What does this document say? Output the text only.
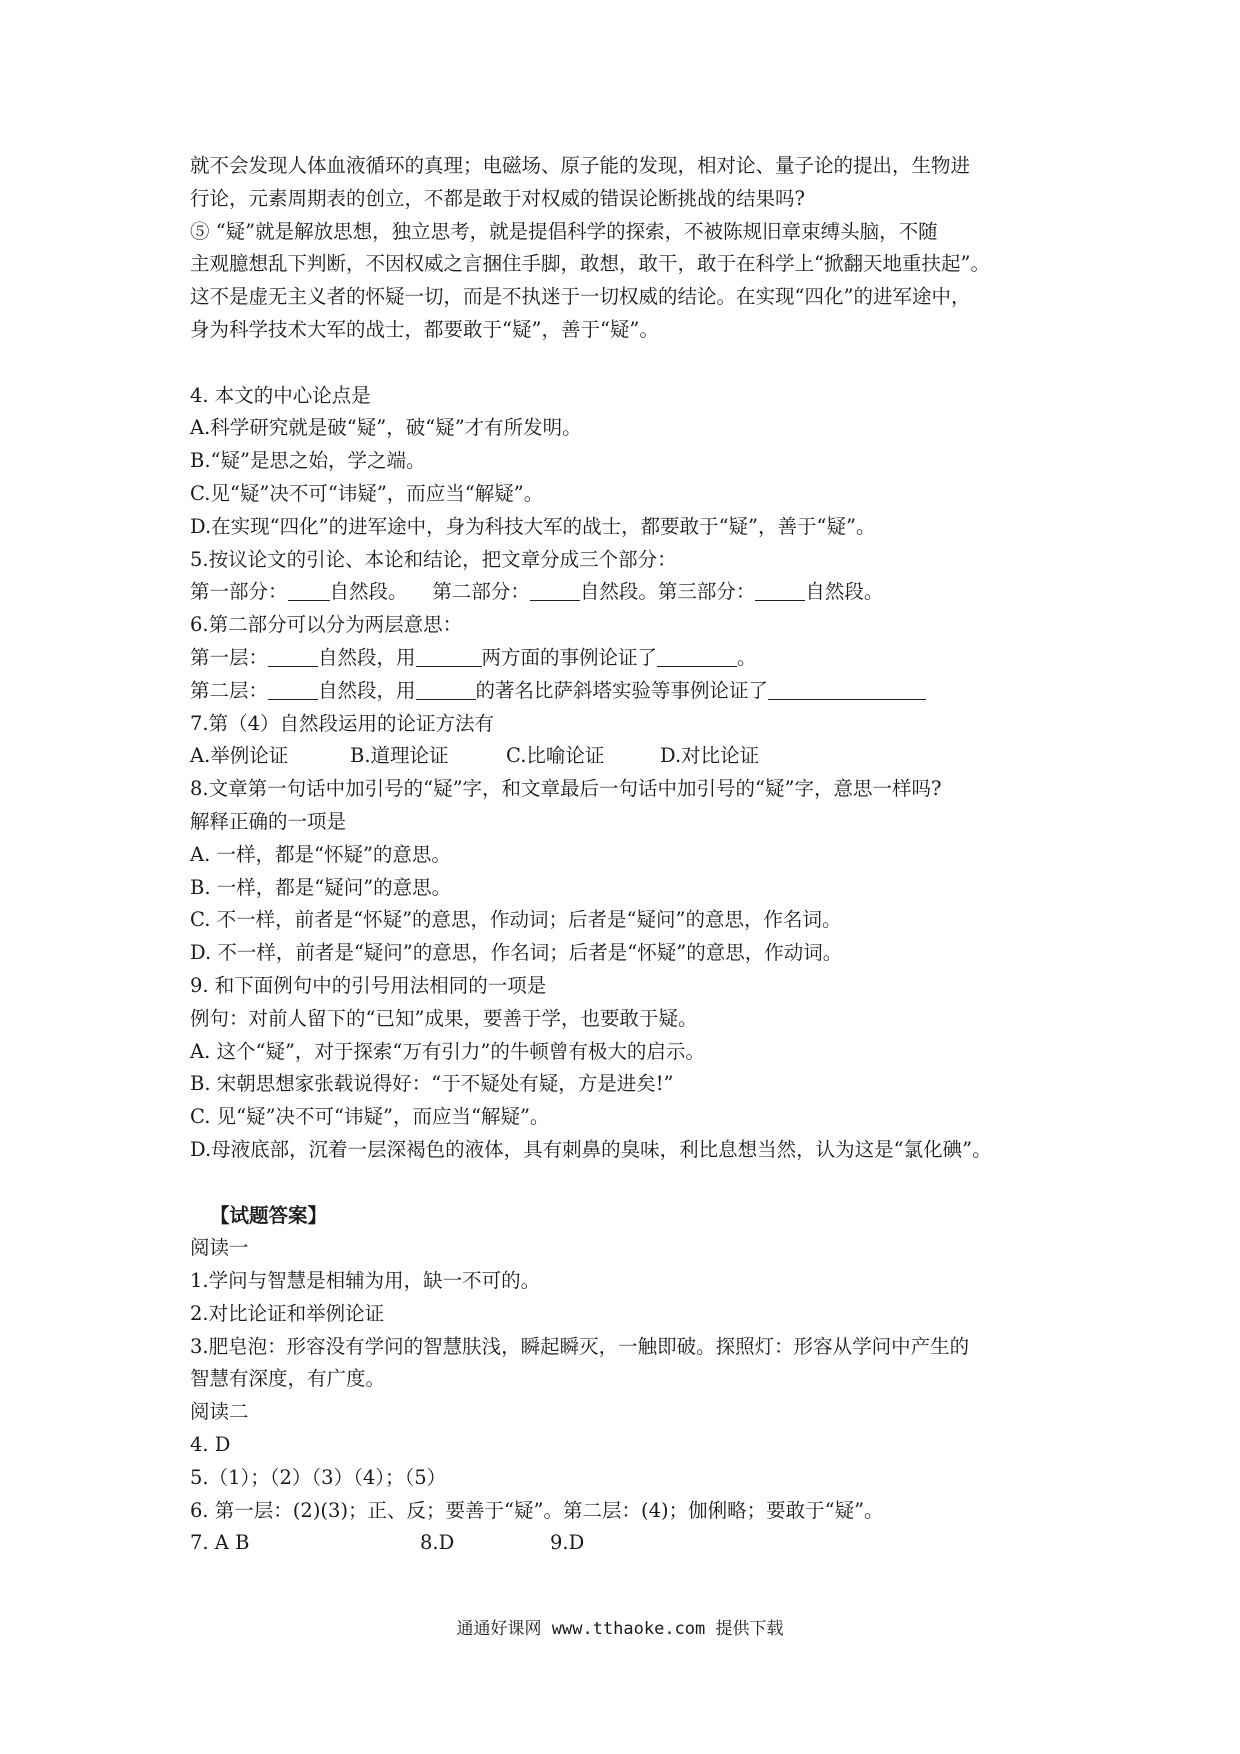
就不会发现人体血液循环的真理；电磁场、原子能的发现，相对论、量子论的提出，生物进
行论，元素周期表的创立，不都是敢于对权威的错误论断挑战的结果吗?
⑤ “疑”就是解放思想，独立思考，就是提倡科学的探索，不被陈规旧章束缚头脑，不随
主观臆想乱下判断，不因权威之言捆住手脚，敢想，敢干，敢于在科学上“掀翻天地重扶起”。
这不是虚无主义者的怀疑一切，而是不执迷于一切权威的结论。在实现“四化”的进军途中，
身为科学技术大军的战士，都要敢于“疑”，善于“疑”。
4. 本文的中心论点是
A.科学研究就是破“疑”，破“疑”才有所发明。
B.“疑”是思之始，学之端。
C.见“疑”决不可“讳疑”，而应当“解疑”。
D.在实现“四化”的进军途中，身为科技大军的战士，都要敢于“疑”，善于“疑”。
5.按议论文的引论、本论和结论，把文章分成三个部分：
第一部分： 自然段。 第二部分：	自然段。第三部分：	自然段。
6.第二部分可以分为两层意思：
第一层：	自然段，用	两方面的事例论证了	。
第二层：	自然段，用	的著名比萨斜塔实验等事例论证了
7.第（4）自然段运用的论证方法有
A.举例论证	B.道理论证	C.比喻论证	D.对比论证
8.文章第一句话中加引号的“疑”字，和文章最后一句话中加引号的“疑”字，意思一样吗?
解释正确的一项是
A. 一样，都是“怀疑”的意思。
B. 一样，都是“疑问”的意思。
C. 不一样，前者是“怀疑”的意思，作动词；后者是“疑问”的意思，作名词。
D. 不一样，前者是“疑问”的意思，作名词；后者是“怀疑”的意思，作动词。
9. 和下面例句中的引号用法相同的一项是
例句：对前人留下的“已知”成果，要善于学，也要敢于疑。
A. 这个“疑”，对于探索“万有引力”的牛顿曾有极大的启示。
B. 宋朝思想家张载说得好：“于不疑处有疑，方是进矣!”
C. 见“疑”决不可“讳疑”，而应当“解疑”。
D.母液底部，沉着一层深褐色的液体，具有刺鼻的臭味，利比息想当然，认为这是“氯化碘”。
【试题答案】
阅读一
1.学问与智慧是相辅为用，缺一不可的。
2.对比论证和举例论证
3.肥皂泡：形容没有学问的智慧肤浅，瞬起瞬灭，一触即破。探照灯：形容从学问中产生的
智慧有深度，有广度。
阅读二
4. D
5.（1）；（2）（3）（4）；（5）
6. 第一层：(2)(3)；正、反；要善于“疑”。第二层：(4)；伽俐略；要敢于“疑”。
7. A B	8.D	9.D
通通好课网 www.tthaoke.com 提供下载
